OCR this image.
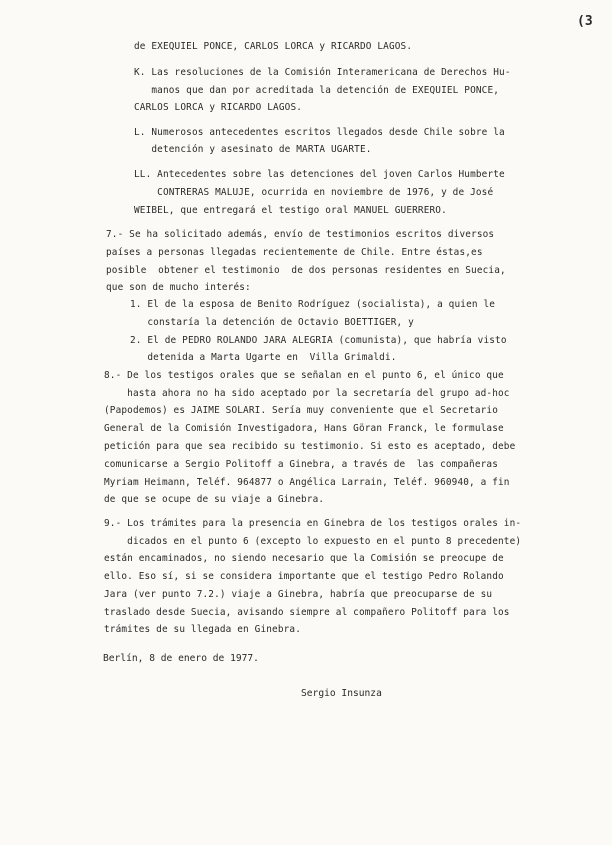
(3
de EXEQUIEL PONCE, CARLOS LORCA y RICARDO LAGOS.
K. Las resoluciones de la Comisión Interamericana de Derechos Hu-
manos que dan por acreditada la detención de EXEQUIEL PONCE,
CARLOS LORCA y RICARDO LAGOS.
L. Numerosos antecedentes escritos llegados desde Chile sobre la
detención y asesinato de MARTA UGARTE.
LL. Antecedentes sobre las detenciones del joven Carlos Humberte
CONTRERAS MALUJE, ocurrida en noviembre de 1976, y de José
WEIBEL, que entregará el testigo oral MANUEL GUERRERO.
7.- Se ha solicitado además, envío de testimonios escritos diversos
países a personas llegadas recientemente de Chile. Entre éstas,es
posible  obtener el testimonio  de dos personas residentes en Suecia,
que son de mucho interés:
1. El de la esposa de Benito Rodríguez (socialista), a quien le
constaría la detención de Octavio BOETTIGER, y
2. El de PEDRO ROLANDO JARA ALEGRIA (comunista), que habría visto
detenida a Marta Ugarte en  Villa Grimaldi.
8.- De los testigos orales que se señalan en el punto 6, el único que
hasta ahora no ha sido aceptado por la secretaría del grupo ad-hoc
(Papodemos) es JAIME SOLARI. Sería muy conveniente que el Secretario
General de la Comisión Investigadora, Hans Göran Franck, le formulase
petición para que sea recibido su testimonio. Si esto es aceptado, debe
comunicarse a Sergio Politoff a Ginebra, a través de  las compañeras
Myriam Heimann, Teléf. 964877 o Angélica Larrain, Teléf. 960940, a fin
de que se ocupe de su viaje a Ginebra.
9.- Los trámites para la presencia en Ginebra de los testigos orales in-
dicados en el punto 6 (excepto lo expuesto en el punto 8 precedente)
están encaminados, no siendo necesario que la Comisión se preocupe de
ello. Eso sí, si se considera importante que el testigo Pedro Rolando
Jara (ver punto 7.2.) viaje a Ginebra, habría que preocuparse de su
traslado desde Suecia, avisando siempre al compañero Politoff para los
trámites de su llegada en Ginebra.
Berlín, 8 de enero de 1977.
Sergio Insunza
